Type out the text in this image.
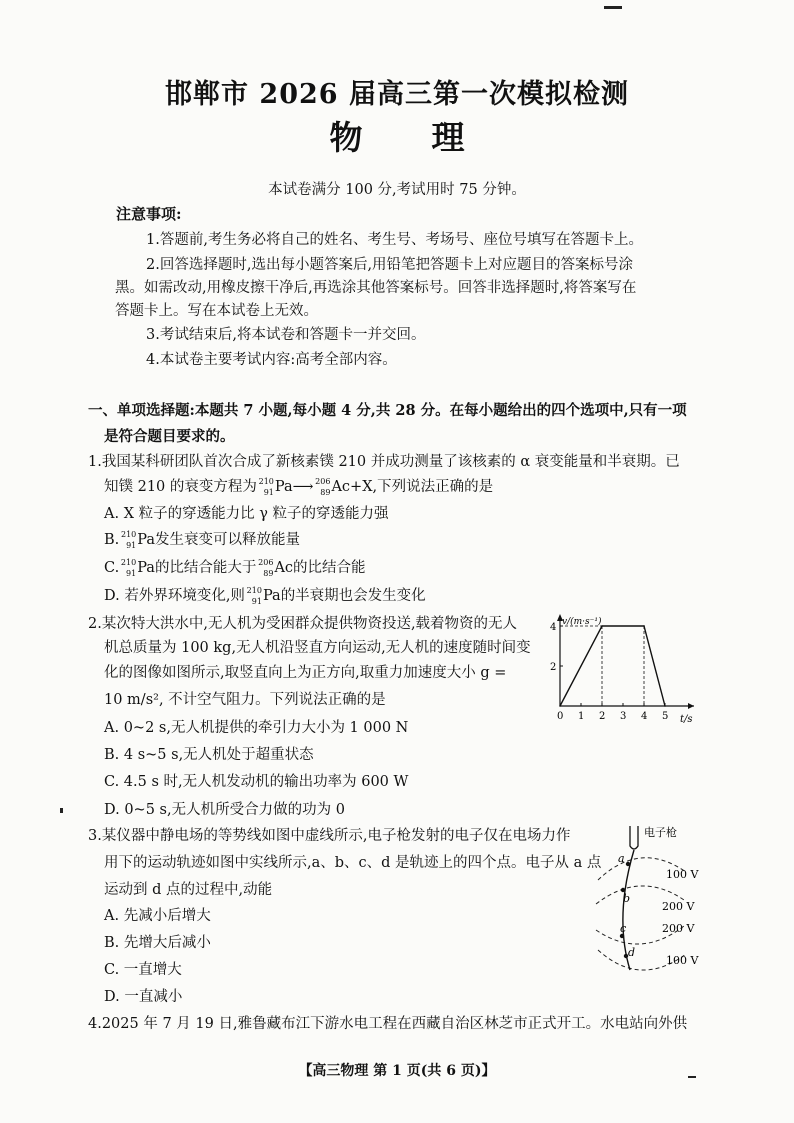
邯郸市 2026 届高三第一次模拟检测
物      理
本试卷满分 100 分,考试用时 75 分钟。
注意事项:
1.答题前,考生务必将自己的姓名、考生号、考场号、座位号填写在答题卡上。
2.回答选择题时,选出每小题答案后,用铅笔把答题卡上对应题目的答案标号涂
黑。如需改动,用橡皮擦干净后,再选涂其他答案标号。回答非选择题时,将答案写在
答题卡上。写在本试卷上无效。
3.考试结束后,将本试卷和答题卡一并交回。
4.本试卷主要考试内容:高考全部内容。
一、单项选择题:本题共 7 小题,每小题 4 分,共 28 分。在每小题给出的四个选项中,只有一项
是符合题目要求的。
1.我国某科研团队首次合成了新核素镤 210 并成功测量了该核素的 α 衰变能量和半衰期。已
知镤 210 的衰变方程为 210
91 Pa⟶ 206
89 Ac+X,下列说法正确的是
A. X 粒子的穿透能力比 γ 粒子的穿透能力强
B. 210
91 Pa发生衰变可以释放能量
C. 210
91 Pa的比结合能大于 206
89 Ac的比结合能
D. 若外界环境变化,则 210
91 Pa的半衰期也会发生变化
2.某次特大洪水中,无人机为受困群众提供物资投送,载着物资的无人
机总质量为 100 kg,无人机沿竖直方向运动,无人机的速度随时间变
化的图像如图所示,取竖直向上为正方向,取重力加速度大小 g =
10 m/s², 不计空气阻力。下列说法正确的是
A. 0~2 s,无人机提供的牵引力大小为 1 000 N
B. 4 s~5 s,无人机处于超重状态
C. 4.5 s 时,无人机发动机的输出功率为 600 W
D. 0~5 s,无人机所受合力做的功为 0
v/(m·s⁻¹)
t/s
0 1 2 3 4 5
2
4
3.某仪器中静电场的等势线如图中虚线所示,电子枪发射的电子仅在电场力作
用下的运动轨迹如图中实线所示,a、b、c、d 是轨迹上的四个点。电子从 a 点
运动到 d 点的过程中,动能
A. 先减小后增大
B. 先增大后减小
C. 一直增大
D. 一直减小
电子枪
a
b
c
d
100 V
200 V
200 V
100 V
4.2025 年 7 月 19 日,雅鲁藏布江下游水电工程在西藏自治区林芝市正式开工。水电站向外供
【高三物理 第 1 页(共 6 页)】
